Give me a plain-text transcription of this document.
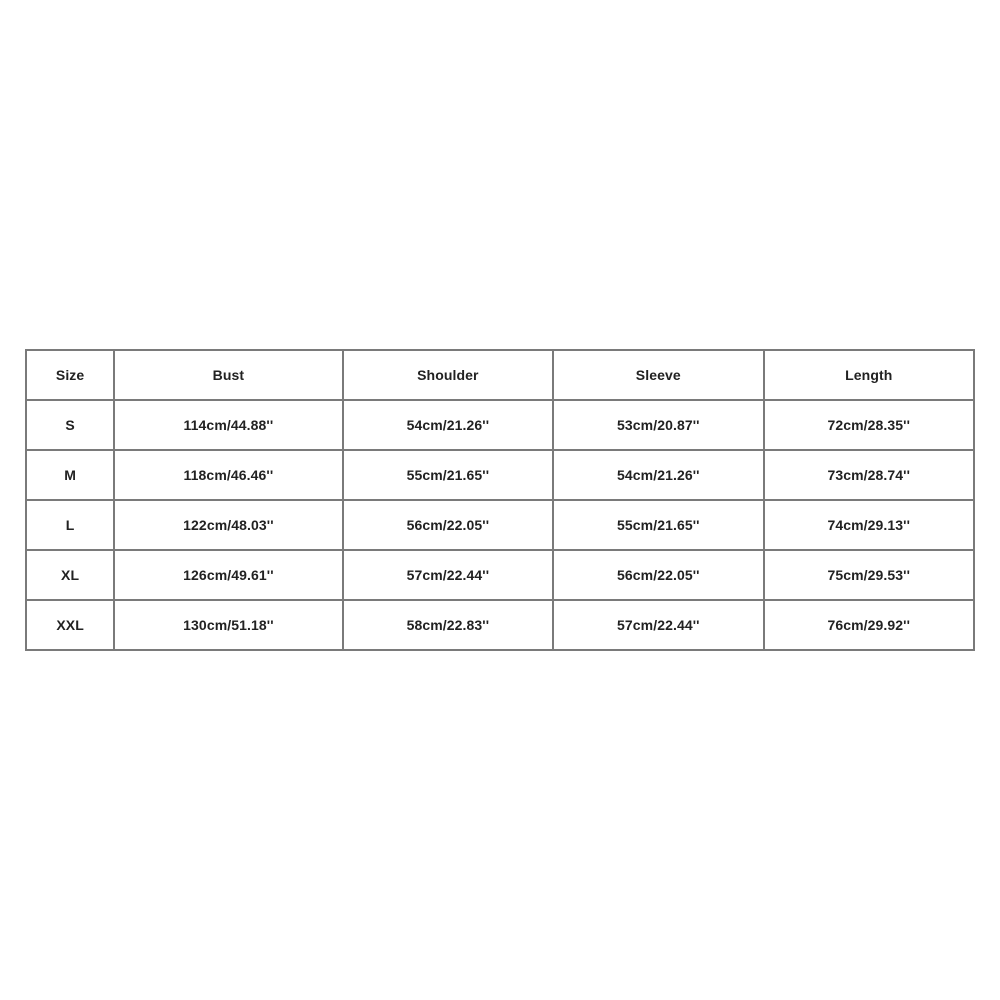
Size	Bust	Shoulder	Sleeve	Length
S	114cm/44.88''	54cm/21.26''	53cm/20.87''	72cm/28.35''
M	118cm/46.46''	55cm/21.65''	54cm/21.26''	73cm/28.74''
L	122cm/48.03''	56cm/22.05''	55cm/21.65''	74cm/29.13''
XL	126cm/49.61''	57cm/22.44''	56cm/22.05''	75cm/29.53''
XXL	130cm/51.18''	58cm/22.83''	57cm/22.44''	76cm/29.92''
